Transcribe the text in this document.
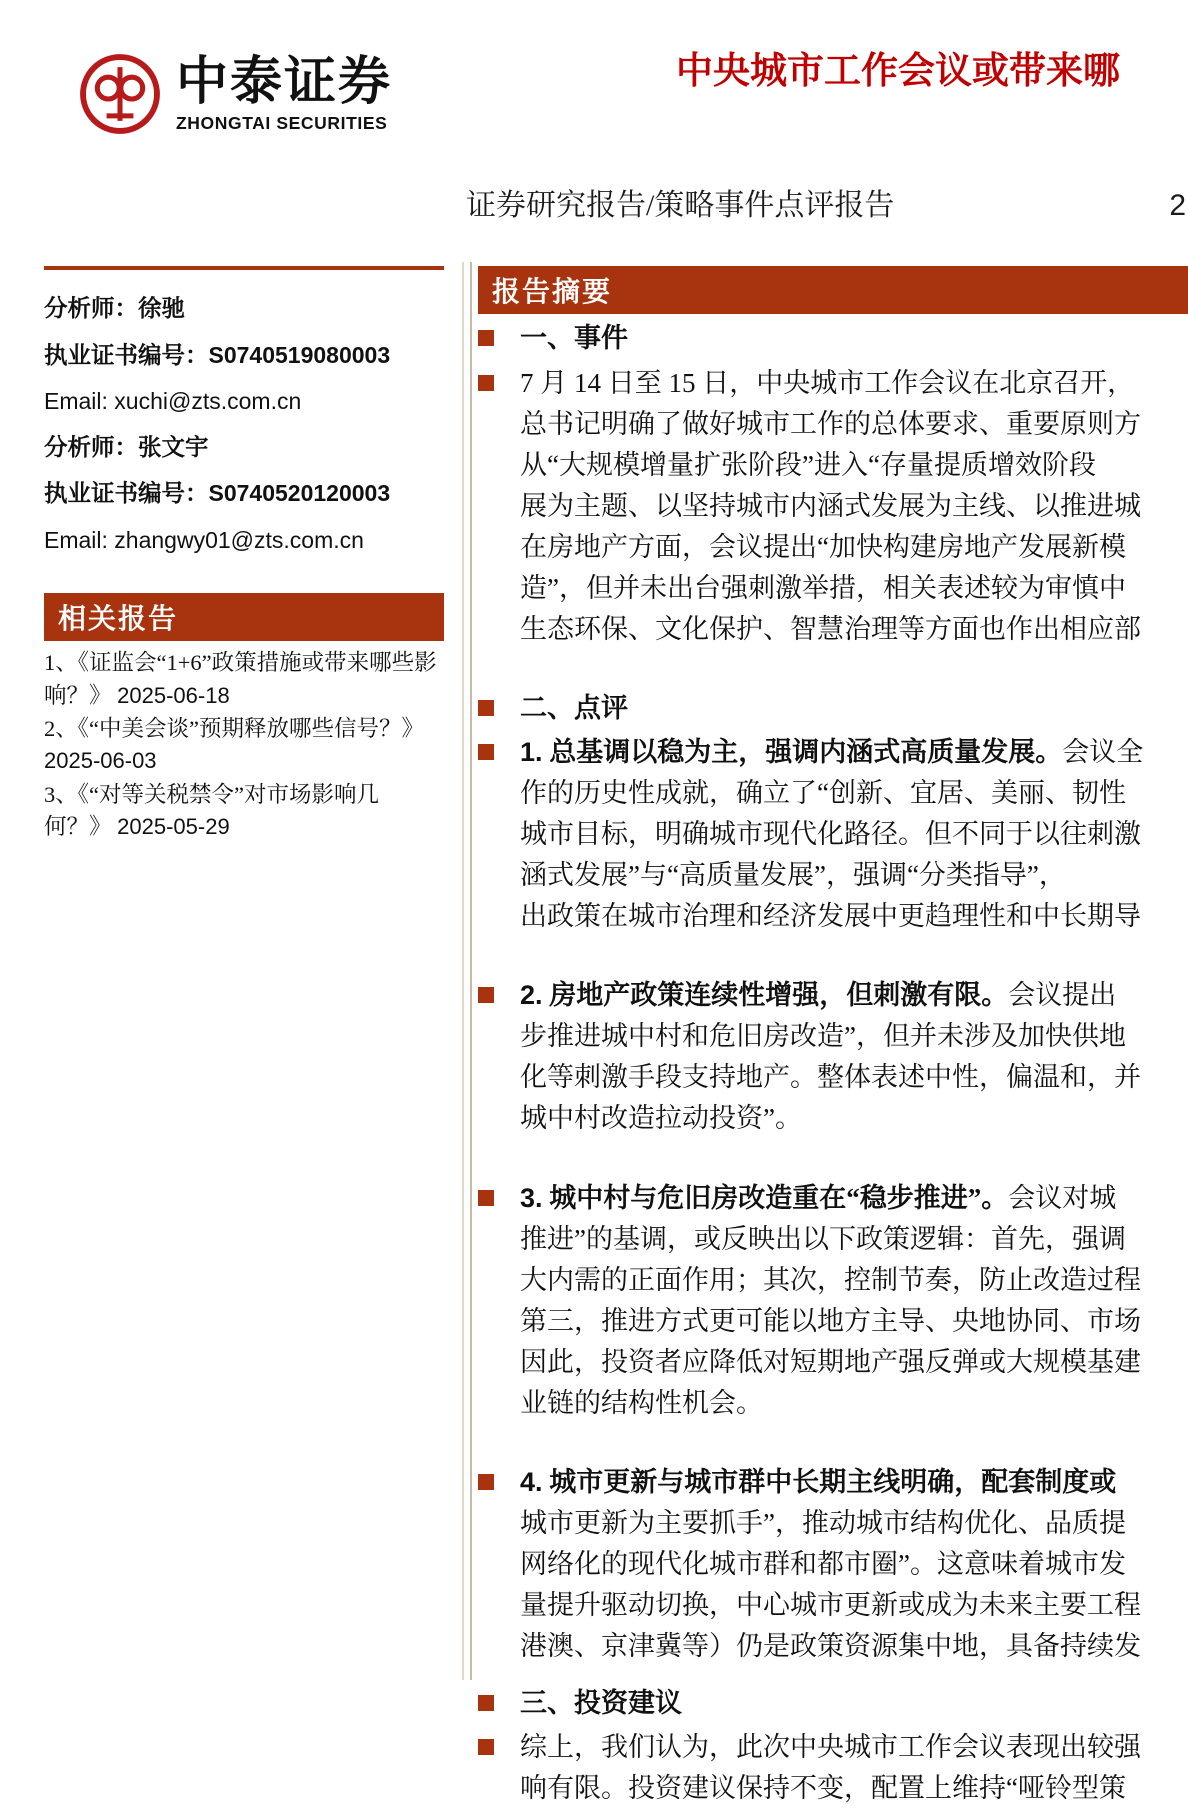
中泰证券
ZHONGTAI SECURITIES
中央城市工作会议或带来哪
证券研究报告/策略事件点评报告	2
分析师：徐驰
执业证书编号：S0740519080003
Email: xuchi@zts.com.cn
分析师：张文宇
执业证书编号：S0740520120003
Email: zhangwy01@zts.com.cn
相关报告
1、《证监会“1+6”政策措施或带来哪些影响？》 2025-06-18
2、《“中美会谈”预期释放哪些信号？》 2025-06-03
3、《“对等关税禁令”对市场影响几何？》 2025-05-29
报告摘要
一、事件
7 月 14 日至 15 日，中央城市工作会议在北京召开，
总书记明确了做好城市工作的总体要求、重要原则方
从“大规模增量扩张阶段”进入“存量提质增效阶段
展为主题、以坚持城市内涵式发展为主线、以推进城
在房地产方面，会议提出“加快构建房地产发展新模
造”，但并未出台强刺激举措，相关表述较为审慎中
生态环保、文化保护、智慧治理等方面也作出相应部
二、点评
1. 总基调以稳为主，强调内涵式高质量发展。会议全
作的历史性成就，确立了“创新、宜居、美丽、韧性
城市目标，明确城市现代化路径。但不同于以往刺激
涵式发展”与“高质量发展”，强调“分类指导”，
出政策在城市治理和经济发展中更趋理性和中长期导
2. 房地产政策连续性增强，但刺激有限。会议提出
步推进城中村和危旧房改造”，但并未涉及加快供地
化等刺激手段支持地产。整体表述中性，偏温和，并
城中村改造拉动投资”。
3. 城中村与危旧房改造重在“稳步推进”。会议对城
推进”的基调，或反映出以下政策逻辑：首先，强调
大内需的正面作用；其次，控制节奏，防止改造过程
第三，推进方式更可能以地方主导、央地协同、市场
因此，投资者应降低对短期地产强反弹或大规模基建
业链的结构性机会。
4. 城市更新与城市群中长期主线明确，配套制度或
城市更新为主要抓手”，推动城市结构优化、品质提
网络化的现代化城市群和都市圈”。这意味着城市发
量提升驱动切换，中心城市更新或成为未来主要工程
港澳、京津冀等）仍是政策资源集中地，具备持续发
三、投资建议
综上，我们认为，此次中央城市工作会议表现出较强
响有限。投资建议保持不变，配置上维持“哑铃型策
